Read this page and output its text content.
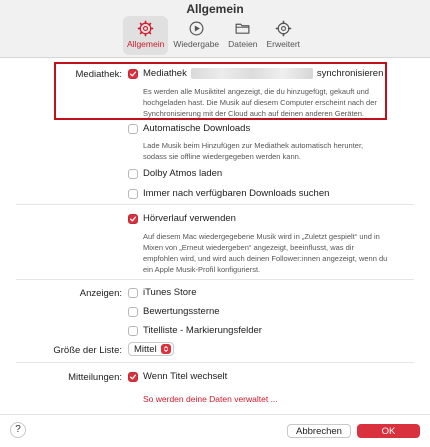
Allgemein
Allgemein Wiedergabe Dateien Erweitert
Mediathek: Mediathek	synchronisieren
Es werden alle Musiktitel angezeigt, die du hinzugefügt, gekauft und
hochgeladen hast. Die Musik auf diesem Computer erscheint nach der
Synchronisierung mit der Cloud auch auf deinen anderen Geräten.
Automatische Downloads
Lade Musik beim Hinzufügen zur Mediathek automatisch herunter,
sodass sie offline wiedergegeben werden kann.
Dolby Atmos laden
Immer nach verfügbaren Downloads suchen
Hörverlauf verwenden
Auf diesem Mac wiedergegebene Musik wird in „Zuletzt gespielt“ und in
Mixen von „Erneut wiedergeben“ angezeigt, beeinflusst, was dir
empfohlen wird, und wird auch deinen Follower:innen angezeigt, wenn du
ein Apple Musik-Profil konfigurierst.
Anzeigen: iTunes Store
Bewertungssterne
Titelliste - Markierungsfelder
Größe der Liste: Mittel
Mitteilungen: Wenn Titel wechselt
So werden deine Daten verwaltet ...
?	Abbrechen	OK
